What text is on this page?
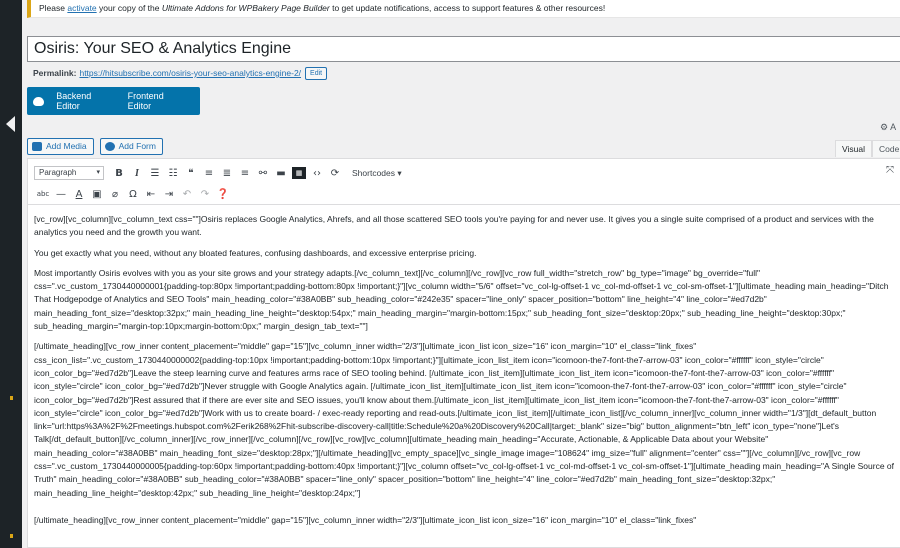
Please activate your copy of the Ultimate Addons for WPBakery Page Builder to get update notifications, access to support features & other resources!
Osiris: Your SEO & Analytics Engine
Permalink: https://hitsubscribe.com/osiris-your-seo-analytics-engine-2/	Edit
Backend Editor
Frontend Editor
⚙ A
Add Media	Add Form	Visual	Code
Paragraph ▾	B	I	☰ ☷	❝	≡ ≣ ≡ ⚯ ▬	▦	‹› ⟳	Shortcodes ▾
abc — A ▣	⌀	Ω ⇤ ⇥ ↶ ↷ ❓
⤧

[vc_row][vc_column][vc_column_text css=""]Osiris replaces Google Analytics, Ahrefs, and all those scattered SEO tools you're paying for and never use. It gives you a single suite comprised of a product and services with the analytics you need and the growth you want.

You get exactly what you need, without any bloated features, confusing dashboards, and excessive enterprise pricing.

Most importantly Osiris evolves with you as your site grows and your strategy adapts.[/vc_column_text][/vc_column][/vc_row][vc_row full_width="stretch_row" bg_type="image" bg_override="full" css=".vc_custom_1730440000001{padding-top:80px !important;padding-bottom:80px !important;}"][vc_column width="5/6" offset="vc_col-lg-offset-1 vc_col-md-offset-1 vc_col-sm-offset-1"][ultimate_heading main_heading="Ditch That Hodgepodge of Analytics and SEO Tools" main_heading_color="#38A0BB" sub_heading_color="#242e35" spacer="line_only" spacer_position="bottom" line_height="4" line_color="#ed7d2b" main_heading_font_size="desktop:32px;" main_heading_line_height="desktop:54px;" main_heading_margin="margin-bottom:15px;" sub_heading_font_size="desktop:20px;" sub_heading_line_height="desktop:30px;" sub_heading_margin="margin-top:10px;margin-bottom:0px;" margin_design_tab_text=""]

[/ultimate_heading][vc_row_inner content_placement="middle" gap="15"][vc_column_inner width="2/3"][ultimate_icon_list icon_size="16" icon_margin="10" el_class="link_fixes" css_icon_list=".vc_custom_1730440000002{padding-top:10px !important;padding-bottom:10px !important;}"][ultimate_icon_list_item icon="icomoon-the7-font-the7-arrow-03" icon_color="#ffffff" icon_style="circle" icon_color_bg="#ed7d2b"]Leave the steep learning curve and features arms race of SEO tooling behind. [/ultimate_icon_list_item][ultimate_icon_list_item icon="icomoon-the7-font-the7-arrow-03" icon_color="#ffffff" icon_style="circle" icon_color_bg="#ed7d2b"]Never struggle with Google Analytics again. [/ultimate_icon_list_item][ultimate_icon_list_item icon="icomoon-the7-font-the7-arrow-03" icon_color="#ffffff" icon_style="circle" icon_color_bg="#ed7d2b"]Rest assured that if there are ever site and SEO issues, you'll know about them.[/ultimate_icon_list_item][ultimate_icon_list_item icon="icomoon-the7-font-the7-arrow-03" icon_color="#ffffff" icon_style="circle" icon_color_bg="#ed7d2b"]Work with us to create board- / exec-ready reporting and read-outs.[/ultimate_icon_list_item][/ultimate_icon_list][/vc_column_inner][vc_column_inner width="1/3"][dt_default_button link="url:https%3A%2F%2Fmeetings.hubspot.com%2Ferik268%2Fhit-subscribe-discovery-call|title:Schedule%20a%20Discovery%20Call|target:_blank" size="big" button_alignment="btn_left" icon_type="none"]Let's Talk[/dt_default_button][/vc_column_inner][/vc_row_inner][/vc_column][/vc_row][vc_row][vc_column][ultimate_heading main_heading="Accurate, Actionable, & Applicable Data about your Website" main_heading_color="#38A0BB" main_heading_font_size="desktop:28px;"][/ultimate_heading][vc_empty_space][vc_single_image image="108624" img_size="full" alignment="center" css=""][/vc_column][/vc_row][vc_row css=".vc_custom_1730440000005{padding-top:60px !important;padding-bottom:40px !important;}"][vc_column offset="vc_col-lg-offset-1 vc_col-md-offset-1 vc_col-sm-offset-1"][ultimate_heading main_heading="A Single Source of Truth" main_heading_color="#38A0BB" sub_heading_color="#38A0BB" spacer="line_only" spacer_position="bottom" line_height="4" line_color="#ed7d2b" main_heading_font_size="desktop:32px;" main_heading_line_height="desktop:42px;" sub_heading_line_height="desktop:24px;"]

[/ultimate_heading][vc_row_inner content_placement="middle" gap="15"][vc_column_inner width="2/3"][ultimate_icon_list icon_size="16" icon_margin="10" el_class="link_fixes"
